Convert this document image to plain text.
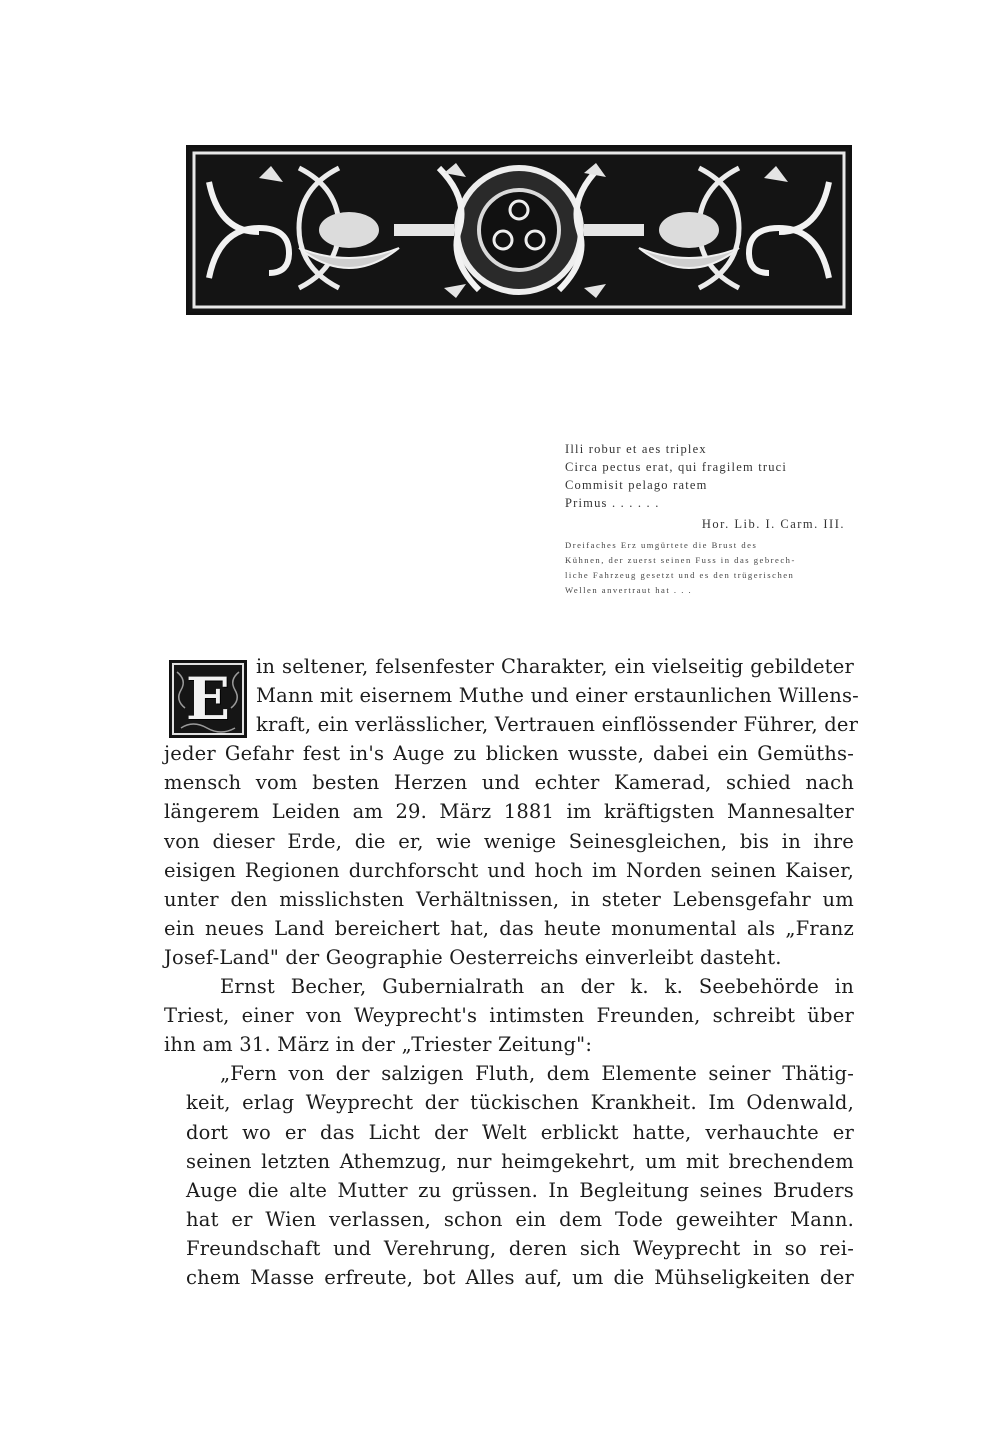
Illi robur et aes triplex
Circa pectus erat, qui fragilem truci
Commisit pelago ratem
Primus . . . . . .
Hor. Lib. I. Carm. III.
Dreifaches Erz umgürtete die Brust des
Kühnen, der zuerst seinen Fuss in das gebrech-
liche Fahrzeug gesetzt und es den trügerischen
Wellen anvertraut hat . . .
E	in seltener, felsenfester Charakter, ein vielseitig gebildeter
Mann mit eisernem Muthe und einer erstaunlichen Willens-
kraft, ein verlässlicher, Vertrauen einflössender Führer, der
jeder Gefahr fest in's Auge zu blicken wusste, dabei ein Gemüths-
mensch vom besten Herzen und echter Kamerad, schied nach
längerem Leiden am 29. März 1881 im kräftigsten Mannesalter
von dieser Erde, die er, wie wenige Seinesgleichen, bis in ihre
eisigen Regionen durchforscht und hoch im Norden seinen Kaiser,
unter den misslichsten Verhältnissen, in steter Lebensgefahr um
ein neues Land bereichert hat, das heute monumental als „Franz
Josef-Land" der Geographie Oesterreichs einverleibt dasteht.
Ernst Becher, Gubernialrath an der k. k. Seebehörde in
Triest, einer von Weyprecht's intimsten Freunden, schreibt über
ihn am 31. März in der „Triester Zeitung":
„Fern von der salzigen Fluth, dem Elemente seiner Thätig-
keit, erlag Weyprecht der tückischen Krankheit. Im Odenwald,
dort wo er das Licht der Welt erblickt hatte, verhauchte er
seinen letzten Athemzug, nur heimgekehrt, um mit brechendem
Auge die alte Mutter zu grüssen. In Begleitung seines Bruders
hat er Wien verlassen, schon ein dem Tode geweihter Mann.
Freundschaft und Verehrung, deren sich Weyprecht in so rei-
chem Masse erfreute, bot Alles auf, um die Mühseligkeiten der
